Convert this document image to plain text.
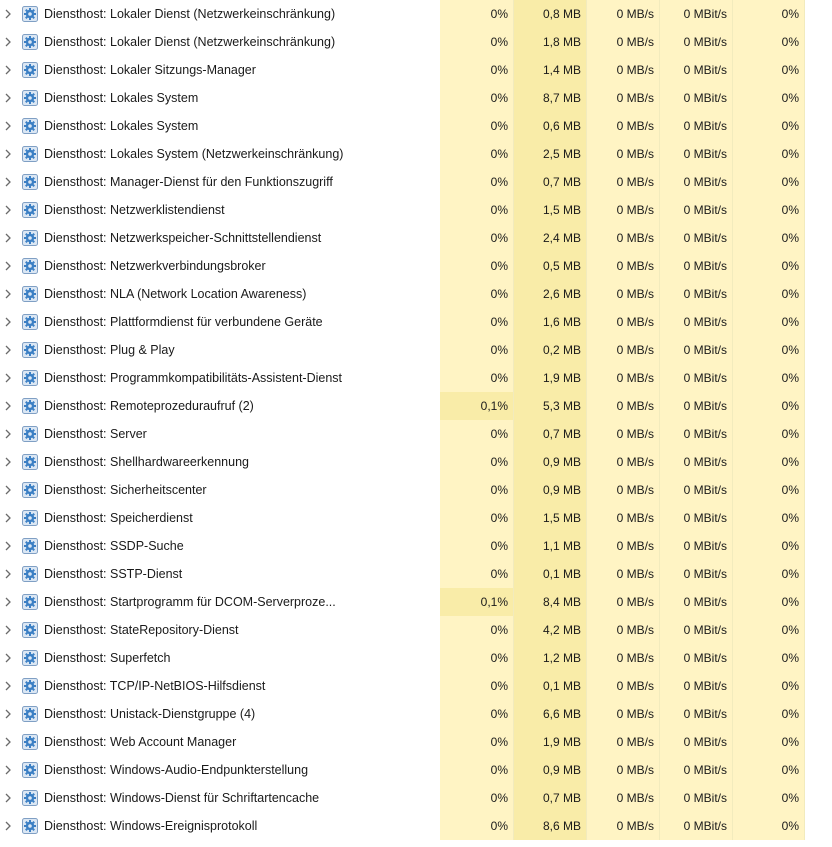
Diensthost: Lokaler Dienst (Netzwerkeinschränkung)	0%	0,8 MB	0 MB/s	0 MBit/s	0%
Diensthost: Lokaler Dienst (Netzwerkeinschränkung)	0%	1,8 MB	0 MB/s	0 MBit/s	0%
Diensthost: Lokaler Sitzungs-Manager	0%	1,4 MB	0 MB/s	0 MBit/s	0%
Diensthost: Lokales System	0%	8,7 MB	0 MB/s	0 MBit/s	0%
Diensthost: Lokales System	0%	0,6 MB	0 MB/s	0 MBit/s	0%
Diensthost: Lokales System (Netzwerkeinschränkung)	0%	2,5 MB	0 MB/s	0 MBit/s	0%
Diensthost: Manager-Dienst für den Funktionszugriff	0%	0,7 MB	0 MB/s	0 MBit/s	0%
Diensthost: Netzwerklistendienst	0%	1,5 MB	0 MB/s	0 MBit/s	0%
Diensthost: Netzwerkspeicher-Schnittstellendienst	0%	2,4 MB	0 MB/s	0 MBit/s	0%
Diensthost: Netzwerkverbindungsbroker	0%	0,5 MB	0 MB/s	0 MBit/s	0%
Diensthost: NLA (Network Location Awareness)	0%	2,6 MB	0 MB/s	0 MBit/s	0%
Diensthost: Plattformdienst für verbundene Geräte	0%	1,6 MB	0 MB/s	0 MBit/s	0%
Diensthost: Plug & Play	0%	0,2 MB	0 MB/s	0 MBit/s	0%
Diensthost: Programmkompatibilitäts-Assistent-Dienst	0%	1,9 MB	0 MB/s	0 MBit/s	0%
Diensthost: Remoteprozeduraufruf (2)	0,1%	5,3 MB	0 MB/s	0 MBit/s	0%
Diensthost: Server	0%	0,7 MB	0 MB/s	0 MBit/s	0%
Diensthost: Shellhardwareerkennung	0%	0,9 MB	0 MB/s	0 MBit/s	0%
Diensthost: Sicherheitscenter	0%	0,9 MB	0 MB/s	0 MBit/s	0%
Diensthost: Speicherdienst	0%	1,5 MB	0 MB/s	0 MBit/s	0%
Diensthost: SSDP-Suche	0%	1,1 MB	0 MB/s	0 MBit/s	0%
Diensthost: SSTP-Dienst	0%	0,1 MB	0 MB/s	0 MBit/s	0%
Diensthost: Startprogramm für DCOM-Serverproze...	0,1%	8,4 MB	0 MB/s	0 MBit/s	0%
Diensthost: StateRepository-Dienst	0%	4,2 MB	0 MB/s	0 MBit/s	0%
Diensthost: Superfetch	0%	1,2 MB	0 MB/s	0 MBit/s	0%
Diensthost: TCP/IP-NetBIOS-Hilfsdienst	0%	0,1 MB	0 MB/s	0 MBit/s	0%
Diensthost: Unistack-Dienstgruppe (4)	0%	6,6 MB	0 MB/s	0 MBit/s	0%
Diensthost: Web Account Manager	0%	1,9 MB	0 MB/s	0 MBit/s	0%
Diensthost: Windows-Audio-Endpunkterstellung	0%	0,9 MB	0 MB/s	0 MBit/s	0%
Diensthost: Windows-Dienst für Schriftartencache	0%	0,7 MB	0 MB/s	0 MBit/s	0%
Diensthost: Windows-Ereignisprotokoll	0%	8,6 MB	0 MB/s	0 MBit/s	0%
